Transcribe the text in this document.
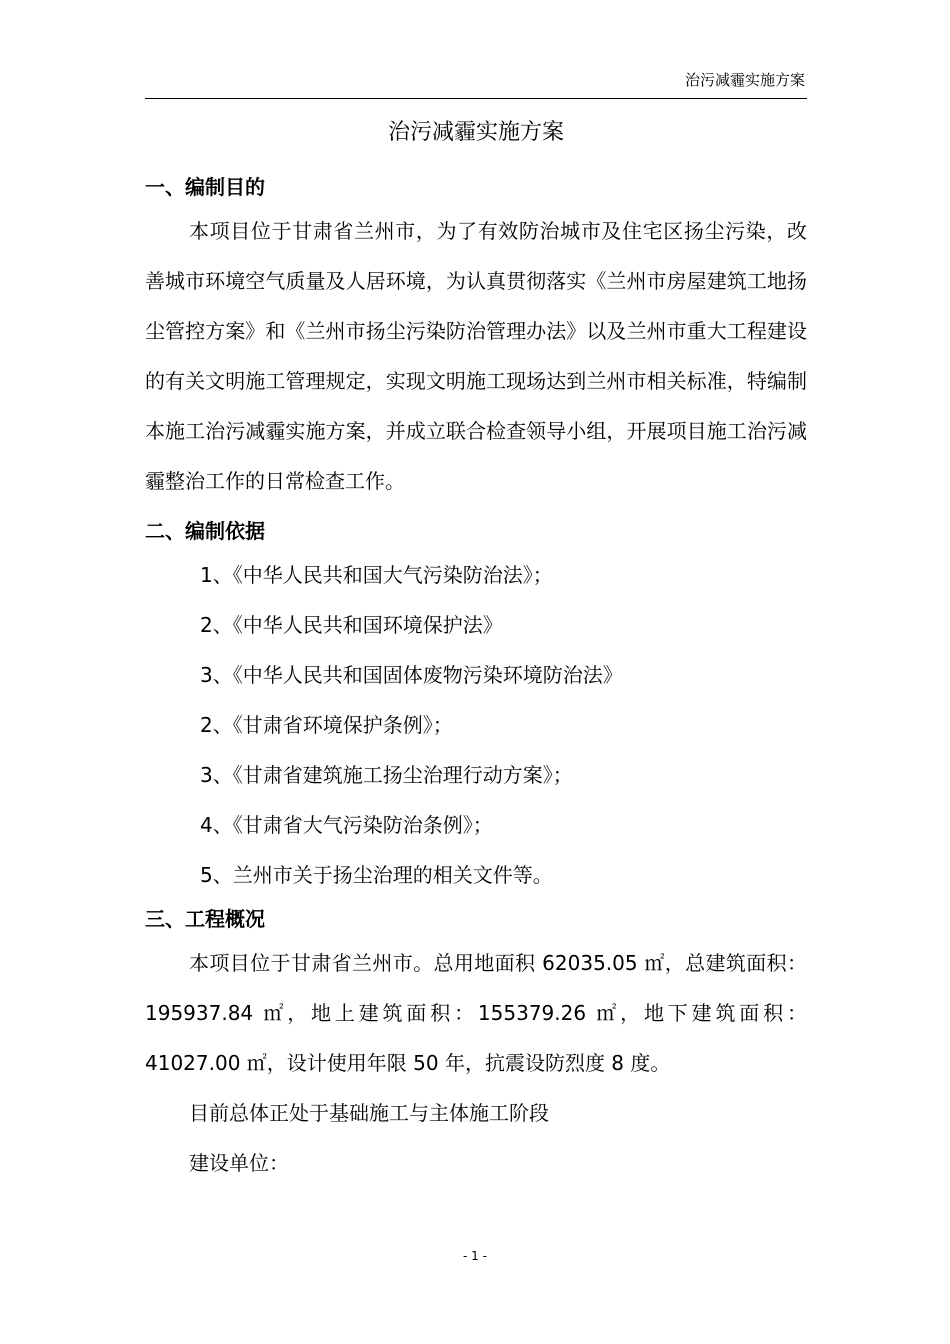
治污减霾实施方案
治污减霾实施方案
一、编制目的

本项目位于甘肃省兰州市，为了有效防治城市及住宅区扬尘污染，改善城市环境空气质量及人居环境，为认真贯彻落实《兰州市房屋建筑工地扬尘管控方案》和《兰州市扬尘污染防治管理办法》以及兰州市重大工程建设的有关文明施工管理规定，实现文明施工现场达到兰州市相关标准，特编制本施工治污减霾实施方案，并成立联合检查领导小组，开展项目施工治污减霾整治工作的日常检查工作。

二、编制依据
1、《中华人民共和国大气污染防治法》；
2、《中华人民共和国环境保护法》
3、《中华人民共和国固体废物污染环境防治法》
2、《甘肃省环境保护条例》；
3、《甘肃省建筑施工扬尘治理行动方案》；
4、《甘肃省大气污染防治条例》；
5、兰州市关于扬尘治理的相关文件等。
三、工程概况

本项目位于甘肃省兰州市。总用地面积 62035.05 ㎡，总建筑面积：195937.84 ㎡，地上建筑面积：155379.26 ㎡，地下建筑面积：41027.00 ㎡，设计使用年限 50 年，抗震设防烈度 8 度。

目前总体正处于基础施工与主体施工阶段

建设单位：

- 1 -
